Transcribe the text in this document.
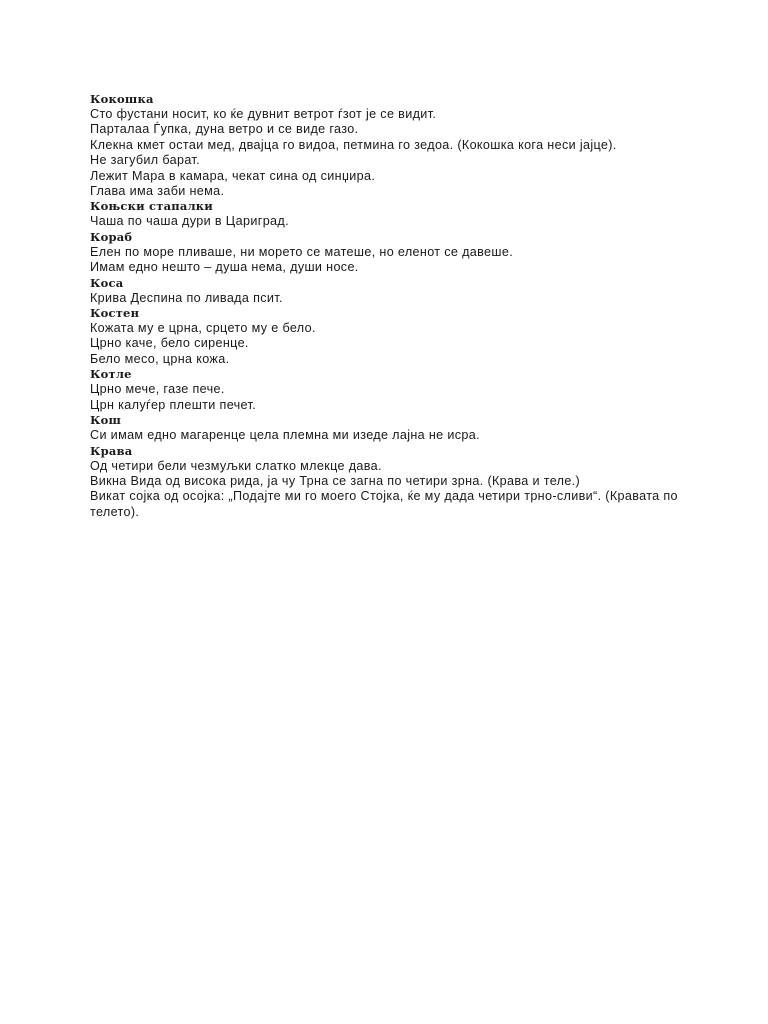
Кокошка
Сто фустани носит, ко ќе дувнит ветрот ѓзот је се видит.
Парталаа Ѓупка, дуна ветро и се виде газо.
Клекна кмет остаи мед, двајца го видоа, петмина го зедоа. (Кокошка кога неси јајце).
Не загубил барат.
Лежит Мара в камара, чекат сина од синџира.
Глава има заби нема.
Коњски стапалки
Чаша по чаша дури в Цариград.
Кораб
Елен по море пливаше, ни морето се матеше, но еленот се давеше.
Имам едно нешто – душа нема, души носе.
Коса
Крива Деспина по ливада псит.
Костен
Кожата му е црна, срцето му е бело.
Црно каче, бело сиренце.
Бело месо, црна кожа.
Котле
Црно мече, газе пече.
Црн калуѓер плешти печет.
Кош
Си имам едно магаренце цела племна ми изеде лајна не исра.
Крава
Од четири бели чезмуљки слатко млекце дава.
Викна Вида од висока рида, ја чу Трна се загна по четири зрна. (Крава и теле.)
Викат сојка од осојка: „Подајте ми го моего Стојка, ќе му дада четири трно-сливи“. (Кравата по
телето).
